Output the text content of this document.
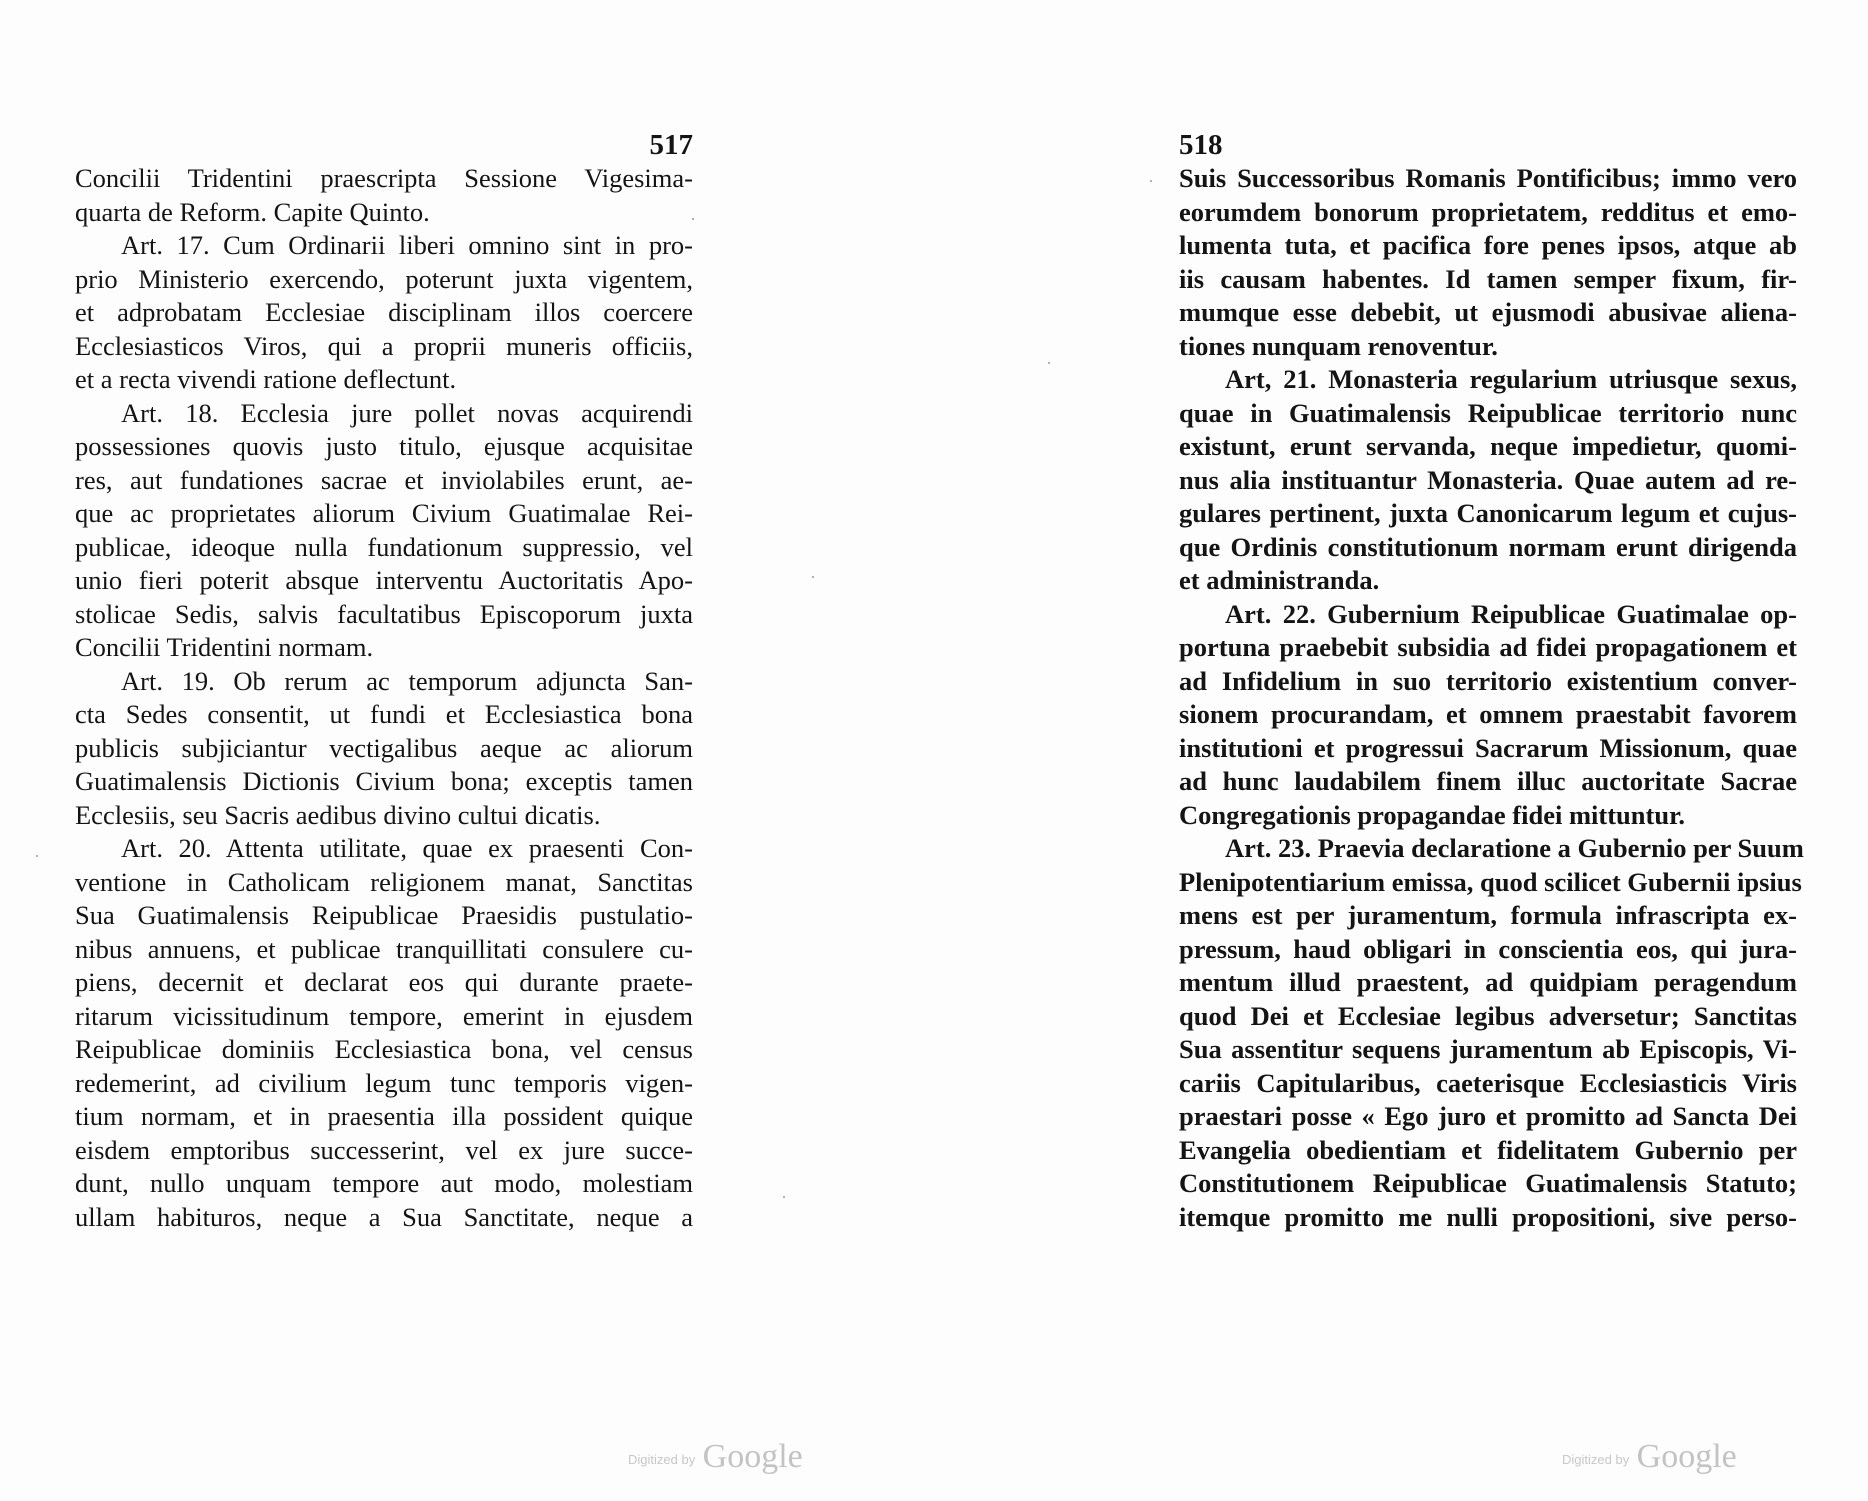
517
Concilii Tridentini praescripta Sessione Vigesima-
quarta de Reform. Capite Quinto.
Art. 17. Cum Ordinarii liberi omnino sint in pro-
prio Ministerio exercendo, poterunt juxta vigentem,
et adprobatam Ecclesiae disciplinam illos coercere
Ecclesiasticos Viros, qui a proprii muneris officiis,
et a recta vivendi ratione deflectunt.
Art. 18. Ecclesia jure pollet novas acquirendi
possessiones quovis justo titulo, ejusque acquisitae
res, aut fundationes sacrae et inviolabiles erunt, ae-
que ac proprietates aliorum Civium Guatimalae Rei-
publicae, ideoque nulla fundationum suppressio, vel
unio fieri poterit absque interventu Auctoritatis Apo-
stolicae Sedis, salvis facultatibus Episcoporum juxta
Concilii Tridentini normam.
Art. 19. Ob rerum ac temporum adjuncta San-
cta Sedes consentit, ut fundi et Ecclesiastica bona
publicis subjiciantur vectigalibus aeque ac aliorum
Guatimalensis Dictionis Civium bona; exceptis tamen
Ecclesiis, seu Sacris aedibus divino cultui dicatis.
Art. 20. Attenta utilitate, quae ex praesenti Con-
ventione in Catholicam religionem manat, Sanctitas
Sua Guatimalensis Reipublicae Praesidis pustulatio-
nibus annuens, et publicae tranquillitati consulere cu-
piens, decernit et declarat eos qui durante praete-
ritarum vicissitudinum tempore, emerint in ejusdem
Reipublicae dominiis Ecclesiastica bona, vel census
redemerint, ad civilium legum tunc temporis vigen-
tium normam, et in praesentia illa possident quique
eisdem emptoribus successerint, vel ex jure succe-
dunt, nullo unquam tempore aut modo, molestiam
ullam habituros, neque a Sua Sanctitate, neque a
518
Suis Successoribus Romanis Pontificibus; immo vero
eorumdem bonorum proprietatem, redditus et emo-
lumenta tuta, et pacifica fore penes ipsos, atque ab
iis causam habentes. Id tamen semper fixum, fir-
mumque esse debebit, ut ejusmodi abusivae aliena-
tiones nunquam renoventur.
Art, 21. Monasteria regularium utriusque sexus,
quae in Guatimalensis Reipublicae territorio nunc
existunt, erunt servanda, neque impedietur, quomi-
nus alia instituantur Monasteria. Quae autem ad re-
gulares pertinent, juxta Canonicarum legum et cujus-
que Ordinis constitutionum normam erunt dirigenda
et administranda.
Art. 22. Gubernium Reipublicae Guatimalae op-
portuna praebebit subsidia ad fidei propagationem et
ad Infidelium in suo territorio existentium conver-
sionem procurandam, et omnem praestabit favorem
institutioni et progressui Sacrarum Missionum, quae
ad hunc laudabilem finem illuc auctoritate Sacrae
Congregationis propagandae fidei mittuntur.
Art. 23. Praevia declaratione a Gubernio per Suum
Plenipotentiarium emissa, quod scilicet Gubernii ipsius
mens est per juramentum, formula infrascripta ex-
pressum, haud obligari in conscientia eos, qui jura-
mentum illud praestent, ad quidpiam peragendum
quod Dei et Ecclesiae legibus adversetur; Sanctitas
Sua assentitur sequens juramentum ab Episcopis, Vi-
cariis Capitularibus, caeterisque Ecclesiasticis Viris
praestari posse « Ego juro et promitto ad Sancta Dei
Evangelia obedientiam et fidelitatem Gubernio per
Constitutionem Reipublicae Guatimalensis Statuto;
itemque promitto me nulli propositioni, sive perso-
Digitized by Google	Digitized by Google
